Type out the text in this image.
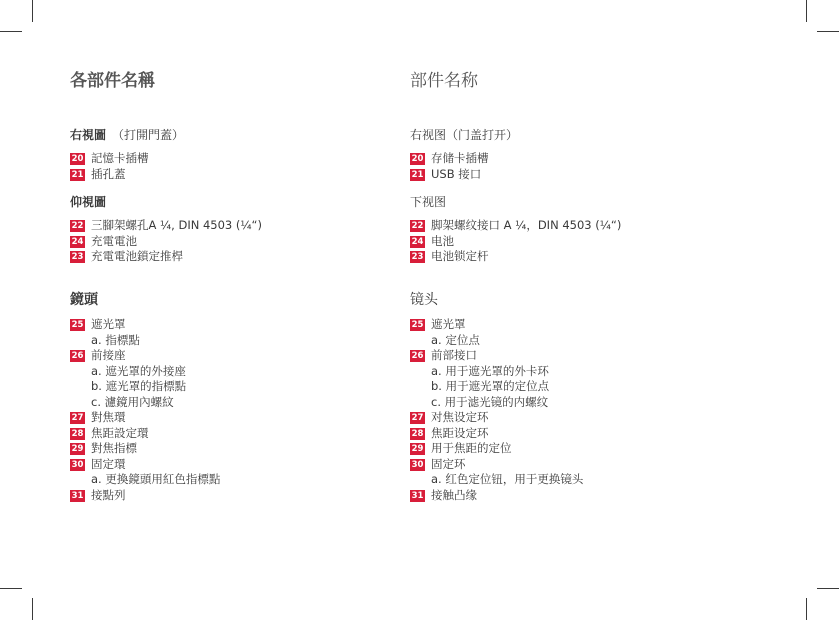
各部件名稱
右視圖 （打開門蓋）
20 記憶卡插槽
21 插孔蓋
仰視圖
22 三腳架螺孔A ¼, DIN 4503 (¼“)
24 充電電池
23 充電電池鎖定推桿
鏡頭
25 遮光罩
a. 指標點
26 前接座
a. 遮光罩的外接座
b. 遮光罩的指標點
c. 濾鏡用內螺紋
27 對焦環
28 焦距設定環
29 對焦指標
30 固定環
a. 更換鏡頭用紅色指標點
31 接點列
部件名称
右视图（门盖打开）
20 存储卡插槽
21 USB 接口
下视图
22 脚架螺纹接口 A ¼，DIN 4503 (¼“)
24 电池
23 电池锁定杆
镜头
25 遮光罩
a. 定位点
26 前部接口
a. 用于遮光罩的外卡环
b. 用于遮光罩的定位点
c. 用于滤光镜的内螺纹
27 对焦设定环
28 焦距设定环
29 用于焦距的定位
30 固定环
a. 红色定位钮，用于更换镜头
31 接触凸缘
